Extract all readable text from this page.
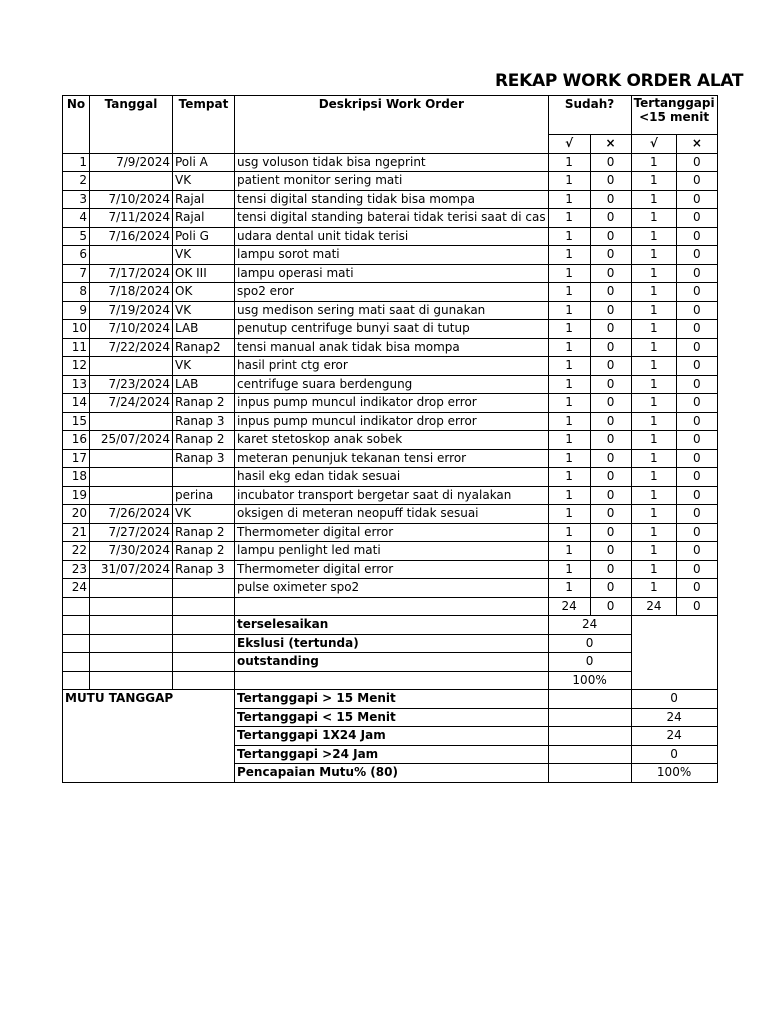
REKAP WORK ORDER ALAT
No	Tanggal	Tempat	Deskripsi Work Order	Sudah?		Tertanggapi <15 menit	
				√	×	√	×
1	7/9/2024	Poli A	usg voluson tidak bisa ngeprint	1	0	1	0
2		VK	patient monitor sering mati	1	0	1	0
3	7/10/2024	Rajal	tensi digital standing tidak bisa mompa	1	0	1	0
4	7/11/2024	Rajal	tensi digital standing baterai tidak terisi saat di cas	1	0	1	0
5	7/16/2024	Poli G	udara dental unit tidak terisi	1	0	1	0
6		VK	lampu sorot mati	1	0	1	0
7	7/17/2024	OK III	lampu operasi mati	1	0	1	0
8	7/18/2024	OK	spo2 eror	1	0	1	0
9	7/19/2024	VK	usg medison sering mati saat di gunakan	1	0	1	0
10	7/10/2024	LAB	penutup centrifuge bunyi saat di tutup	1	0	1	0
11	7/22/2024	Ranap2	tensi manual anak tidak bisa mompa	1	0	1	0
12		VK	hasil print ctg eror	1	0	1	0
13	7/23/2024	LAB	centrifuge suara berdengung	1	0	1	0
14	7/24/2024	Ranap 2	inpus pump muncul indikator drop error	1	0	1	0
15		Ranap 3	inpus pump muncul indikator drop error	1	0	1	0
16	25/07/2024	Ranap 2	karet stetoskop anak sobek	1	0	1	0
17		Ranap 3	meteran penunjuk tekanan tensi error	1	0	1	0
18			hasil ekg edan tidak sesuai	1	0	1	0
19		perina	incubator transport bergetar saat di nyalakan	1	0	1	0
20	7/26/2024	VK	oksigen di meteran neopuff tidak sesuai	1	0	1	0
21	7/27/2024	Ranap 2	Thermometer digital error	1	0	1	0
22	7/30/2024	Ranap 2	lampu penlight led mati	1	0	1	0
23	31/07/2024	Ranap 3	Thermometer digital error	1	0	1	0
24			pulse oximeter spo2	1	0	1	0
				24	0	24	0
			terselesaikan	24			
			Ekslusi (tertunda)	0			
			outstanding	0			
				100%			
MUTU TANGGAP			Tertanggapi > 15 Menit			0	
			Tertanggapi < 15 Menit			24	
			Tertanggapi 1X24 Jam			24	
			Tertanggapi >24 Jam			0	
			Pencapaian Mutu% (80)			100%	
